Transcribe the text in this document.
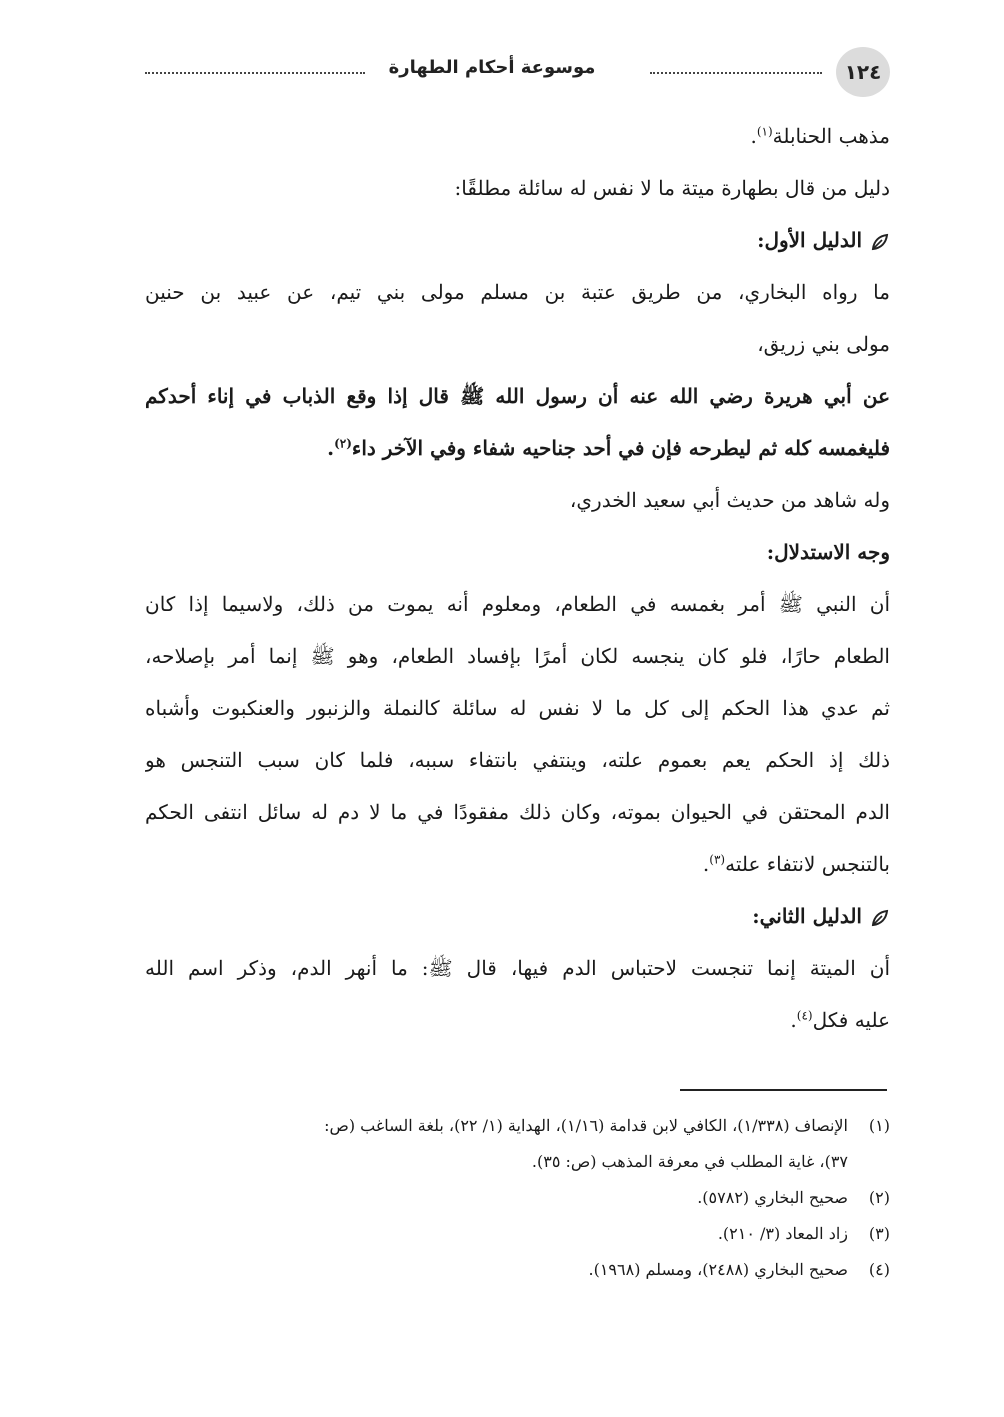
موسوعة أحكام الطهارة	١٢٤
مذهب الحنابلة$^{(١)}$.
دليل من قال بطهارة ميتة ما لا نفس له سائلة مطلقًا:
الدليل الأول:
ما رواه البخاري، من طريق عتبة بن مسلم مولى بني تيم، عن عبيد بن حنين
مولى بني زريق،
عن أبي هريرة رضي الله عنه أن رسول الله ﷺ قال إذا وقع الذباب في إناء أحدكم
فليغمسه كله ثم ليطرحه فإن في أحد جناحيه شفاء وفي الآخر داء$^{(٢)}$.
وله شاهد من حديث أبي سعيد الخدري،
وجه الاستدلال:
أن النبي ﷺ أمر بغمسه في الطعام، ومعلوم أنه يموت من ذلك، ولاسيما إذا كان
الطعام حارًا، فلو كان ينجسه لكان أمرًا بإفساد الطعام، وهو ﷺ إنما أمر بإصلاحه،
ثم عدي هذا الحكم إلى كل ما لا نفس له سائلة كالنملة والزنبور والعنكبوت وأشباه
ذلك إذ الحكم يعم بعموم علته، وينتفي بانتفاء سببه، فلما كان سبب التنجس هو
الدم المحتقن في الحيوان بموته، وكان ذلك مفقودًا في ما لا دم له سائل انتفى الحكم
بالتنجس لانتفاء علته$^{(٣)}$.
الدليل الثاني:
أن الميتة إنما تنجست لاحتباس الدم فيها، قال ﷺ: ما أنهر الدم، وذكر اسم الله
عليه فكل$^{(٤)}$.
(١)الإنصاف (١/٣٣٨)، الكافي لابن قدامة (١/١٦)، الهداية (١/ ٢٢)، بلغة الساغب (ص:
٣٧)، غاية المطلب في معرفة المذهب (ص: ٣٥).
(٢)صحيح البخاري (٥٧٨٢).
(٣)زاد المعاد (٣/ ٢١٠).
(٤)صحيح البخاري (٢٤٨٨)، ومسلم (١٩٦٨).
